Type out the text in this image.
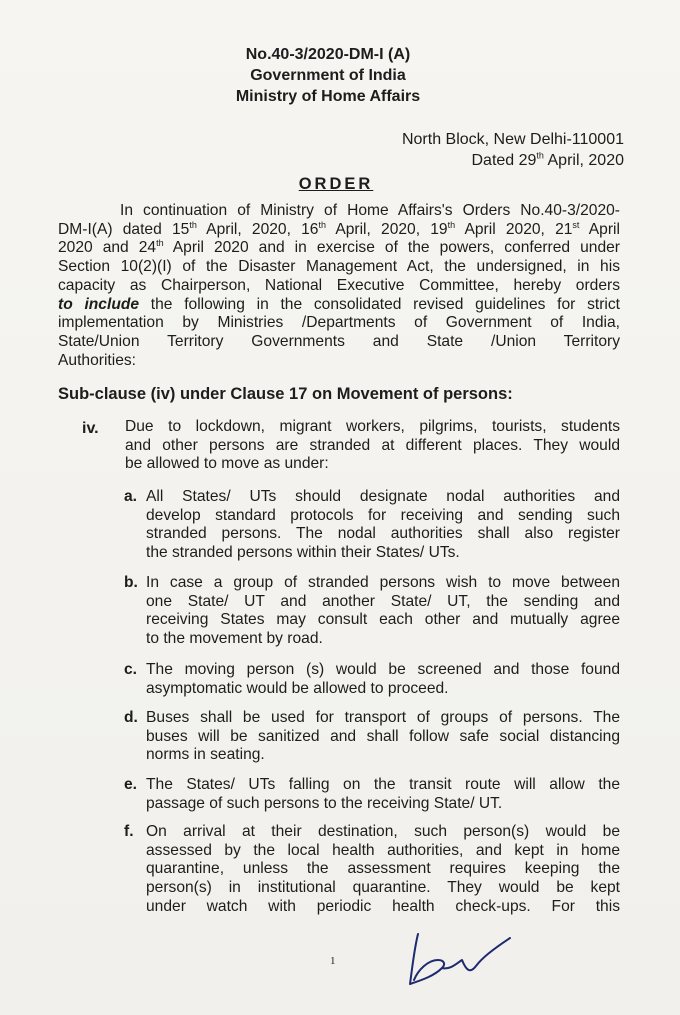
No.40-3/2020-DM-I (A)
Government of India
Ministry of Home Affairs
North Block, New Delhi-110001
Dated 29th April, 2020
ORDER
In continuation of Ministry of Home Affairs's Orders No.40-3/2020-
DM-I(A) dated 15th April, 2020, 16th April, 2020, 19th April 2020, 21st April
2020 and 24th April 2020 and in exercise of the powers, conferred under
Section 10(2)(I) of the Disaster Management Act, the undersigned, in his
capacity as Chairperson, National Executive Committee, hereby orders
to include the following in the consolidated revised guidelines for strict
implementation by Ministries /Departments of Government of India,
State/Union Territory Governments and State /Union Territory
Authorities:
Sub-clause (iv) under Clause 17 on Movement of persons:
iv. Due to lockdown, migrant workers, pilgrims, tourists, students
and other persons are stranded at different places. They would
be allowed to move as under:
a. All States/ UTs should designate nodal authorities and
develop standard protocols for receiving and sending such
stranded persons. The nodal authorities shall also register
the stranded persons within their States/ UTs.
b. In case a group of stranded persons wish to move between
one State/ UT and another State/ UT, the sending and
receiving States may consult each other and mutually agree
to the movement by road.
c. The moving person (s) would be screened and those found
asymptomatic would be allowed to proceed.
d. Buses shall be used for transport of groups of persons. The
buses will be sanitized and shall follow safe social distancing
norms in seating.
e. The States/ UTs falling on the transit route will allow the
passage of such persons to the receiving State/ UT.
f. On arrival at their destination, such person(s) would be
assessed by the local health authorities, and kept in home
quarantine, unless the assessment requires keeping the
person(s) in institutional quarantine. They would be kept
under watch with periodic health check-ups. For this
1
